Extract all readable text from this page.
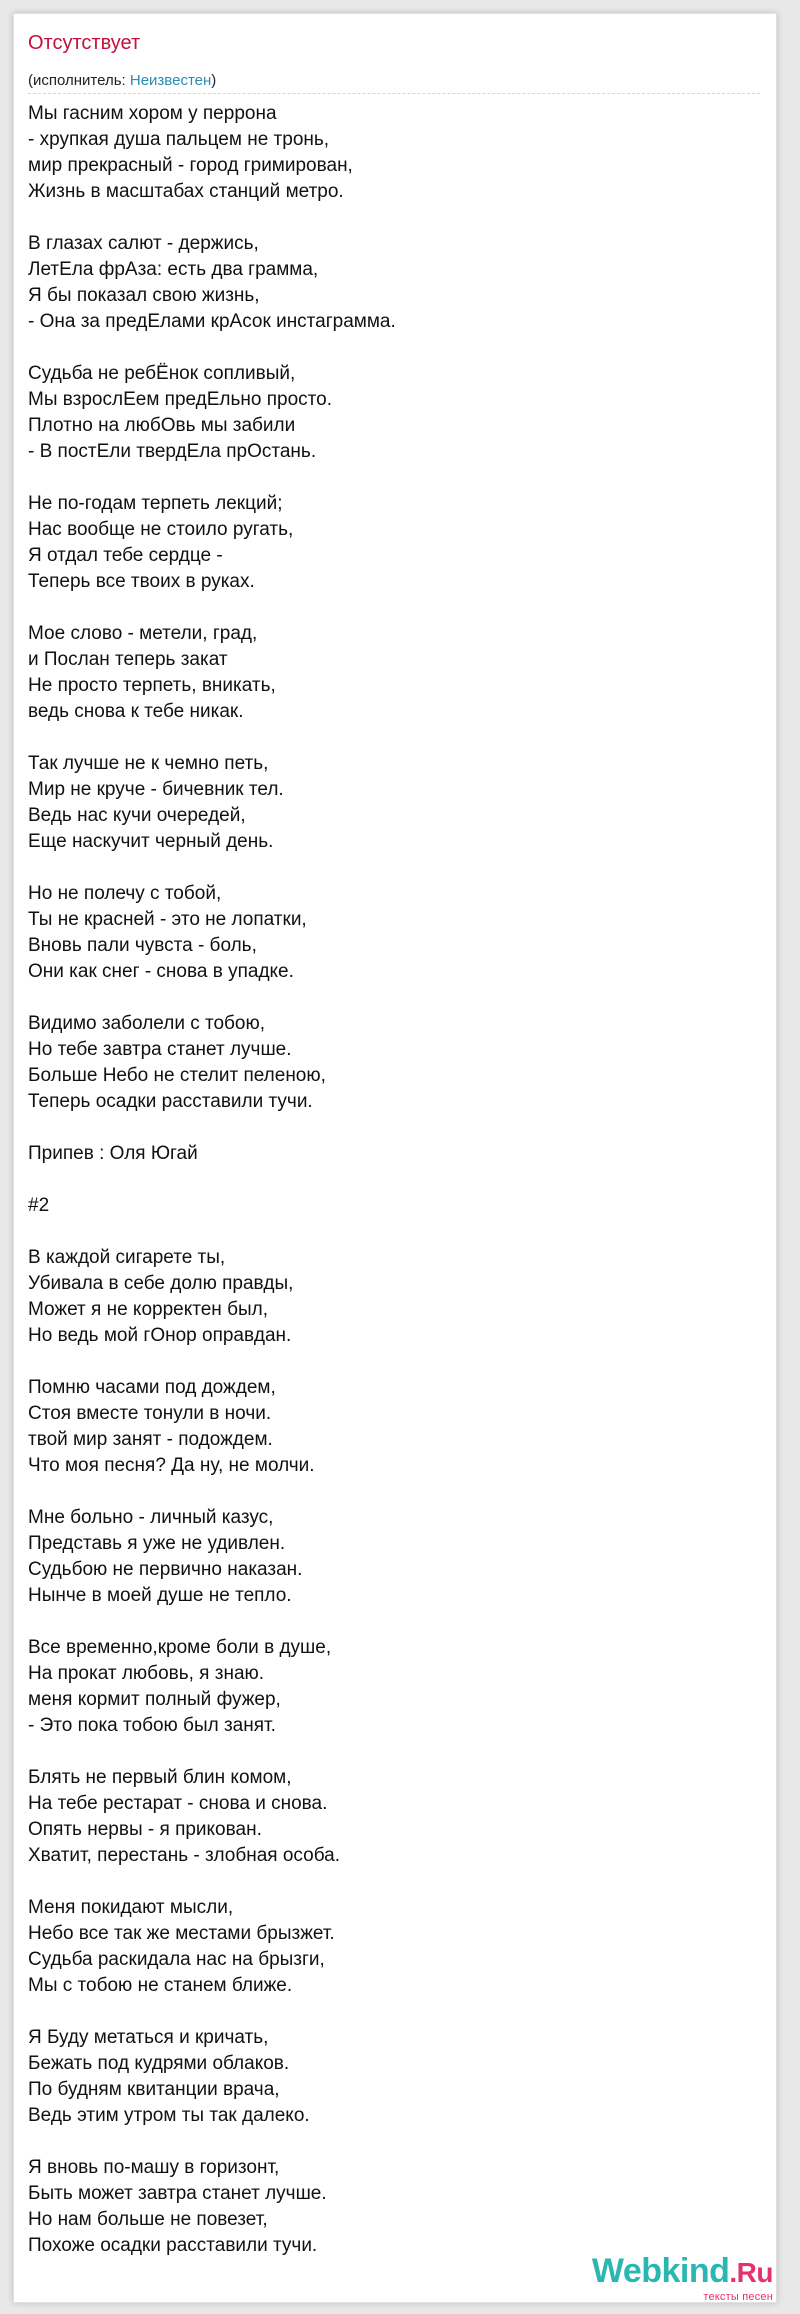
Отсутствует
(исполнитель: Неизвестен)
Мы гасним хором у перрона
- хрупкая душа пальцем не тронь,
мир прекрасный - город гримирован,
Жизнь в масштабах станций метро.
В глазах салют - держись,
ЛетЕла фрАза: есть два грамма,
Я бы показал свою жизнь,
- Она за предЕлами крАсок инстаграмма.
Судьба не ребЁнок сопливый,
Мы взрослЕем предЕльно просто.
Плотно на любОвь мы забили
- В постЕли твердЕла прОстань.
Не по-годам терпеть лекций;
Нас вообще не стоило ругать,
Я отдал тебе сердце -
Теперь все твоих в руках.
Мое слово - метели, град,
и Послан теперь закат
Не просто терпеть, вникать,
ведь снова к тебе никак.
Так лучше не к чемно петь,
Мир не круче - бичевник тел.
Ведь нас кучи очередей,
Еще наскучит черный день.
Но не полечу с тобой,
Ты не красней - это не лопатки,
Вновь пали чувста - боль,
Они как снег - снова в упадке.
Видимо заболели с тобою,
Но тебе завтра станет лучше.
Больше Небо не стелит пеленою,
Теперь осадки расставили тучи.
Припев : Оля Югай
#2
В каждой сигарете ты,
Убивала в себе долю правды,
Может я не корректен был,
Но ведь мой гОнор оправдан.
Помню часами под дождем,
Стоя вместе тонули в ночи.
твой мир занят - подождем.
Что моя песня? Да ну, не молчи.
Мне больно - личный казус,
Представь я уже не удивлен.
Судьбою не первично наказан.
Нынче в моей душе не тепло.
Все временно,кроме боли в душе,
На прокат любовь, я знаю.
меня кормит полный фужер,
- Это пока тобою был занят.
Блять не первый блин комом,
На тебе рестарат - снова и снова.
Опять нервы - я прикован.
Хватит, перестань - злобная особа.
Меня покидают мысли,
Небо все так же местами брызжет.
Судьба раскидала нас на брызги,
Мы с тобою не станем ближе.
Я Буду метаться и кричать,
Бежать под кудрями облаков.
По будням квитанции врача,
Ведь этим утром ты так далеко.
Я вновь по-машу в горизонт,
Быть может завтра станет лучше.
Но нам больше не повезет,
Похоже осадки расставили тучи.
Webkind.Ru
тексты песен
